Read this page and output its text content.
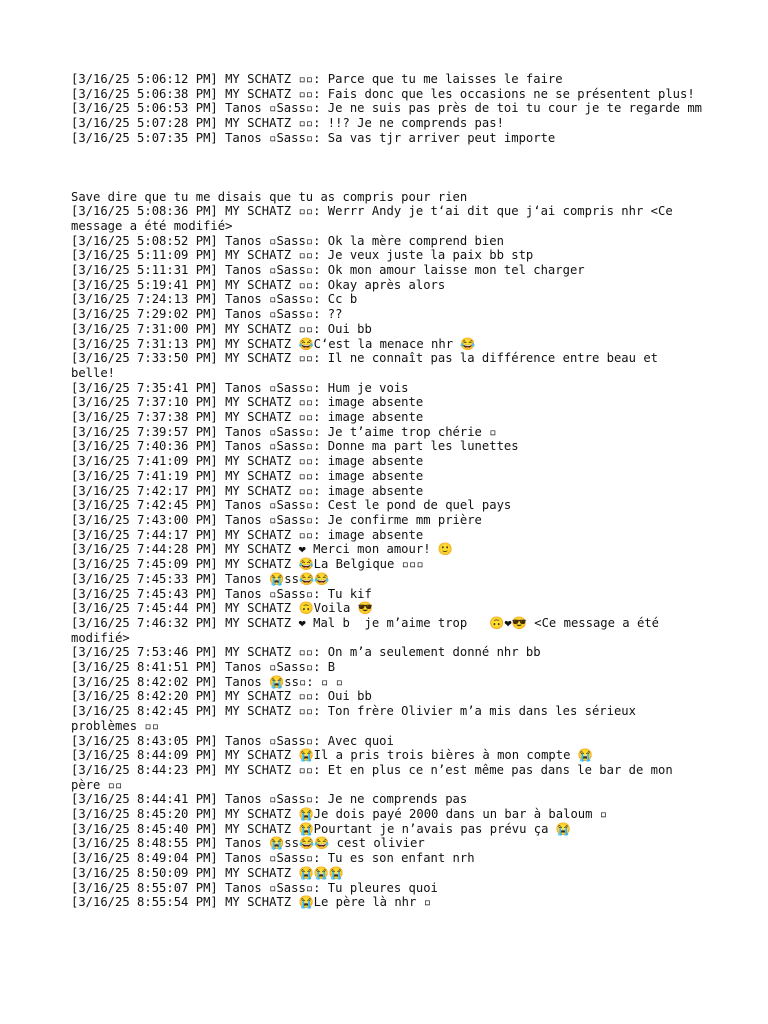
[3/16/25 5:06:12 PM] MY SCHATZ ▫▫: Parce que tu me laisses le faire
[3/16/25 5:06:38 PM] MY SCHATZ ▫▫: Fais donc que les occasions ne se présentent plus!
[3/16/25 5:06:53 PM] Tanos ▫Sass▫: Je ne suis pas près de toi tu cour je te regarde mm
[3/16/25 5:07:28 PM] MY SCHATZ ▫▫: !!? Je ne comprends pas!
[3/16/25 5:07:35 PM] Tanos ▫Sass▫: Sa vas tjr arriver peut importe
Save dire que tu me disais que tu as compris pour rien
[3/16/25 5:08:36 PM] MY SCHATZ ▫▫: Werrr Andy je t‘ai dit que j‘ai compris nhr <Ce message a été modifié>
[3/16/25 5:08:52 PM] Tanos ▫Sass▫: Ok la mère comprend bien
[3/16/25 5:11:09 PM] MY SCHATZ ▫▫: Je veux juste la paix bb stp
[3/16/25 5:11:31 PM] Tanos ▫Sass▫: Ok mon amour laisse mon tel charger
[3/16/25 5:19:41 PM] MY SCHATZ ▫▫: Okay après alors
[3/16/25 7:24:13 PM] Tanos ▫Sass▫: Cc b
[3/16/25 7:29:02 PM] Tanos ▫Sass▫: ??
[3/16/25 7:31:00 PM] MY SCHATZ ▫▫: Oui bb
[3/16/25 7:31:13 PM] MY SCHATZ 😂C‘est la menace nhr 😂
[3/16/25 7:33:50 PM] MY SCHATZ ▫▫: Il ne connaît pas la différence entre beau et belle!
[3/16/25 7:35:41 PM] Tanos ▫Sass▫: Hum je vois
[3/16/25 7:37:10 PM] MY SCHATZ ▫▫: image absente
[3/16/25 7:37:38 PM] MY SCHATZ ▫▫: image absente
[3/16/25 7:39:57 PM] Tanos ▫Sass▫: Je t’aime trop chérie ▫
[3/16/25 7:40:36 PM] Tanos ▫Sass▫: Donne ma part les lunettes
[3/16/25 7:41:09 PM] MY SCHATZ ▫▫: image absente
[3/16/25 7:41:19 PM] MY SCHATZ ▫▫: image absente
[3/16/25 7:42:17 PM] MY SCHATZ ▫▫: image absente
[3/16/25 7:42:45 PM] Tanos ▫Sass▫: Cest le pond de quel pays
[3/16/25 7:43:00 PM] Tanos ▫Sass▫: Je confirme mm prière
[3/16/25 7:44:17 PM] MY SCHATZ ▫▫: image absente
[3/16/25 7:44:28 PM] MY SCHATZ ❤ Merci mon amour! 🙂
[3/16/25 7:45:09 PM] MY SCHATZ 😂La Belgique ▫▫▫
[3/16/25 7:45:33 PM] Tanos 😭ss😂😂
[3/16/25 7:45:43 PM] Tanos ▫Sass▫: Tu kif
[3/16/25 7:45:44 PM] MY SCHATZ 🙃Voila 😎
[3/16/25 7:46:32 PM] MY SCHATZ ❤ Mal b  je m’aime trop   🙃❤😎 <Ce message a été modifié>
[3/16/25 7:53:46 PM] MY SCHATZ ▫▫: On m’a seulement donné nhr bb
[3/16/25 8:41:51 PM] Tanos ▫Sass▫: B
[3/16/25 8:42:02 PM] Tanos 😭ss▫: ▫ ▫
[3/16/25 8:42:20 PM] MY SCHATZ ▫▫: Oui bb
[3/16/25 8:42:45 PM] MY SCHATZ ▫▫: Ton frère Olivier m’a mis dans les sérieux problèmes ▫▫
[3/16/25 8:43:05 PM] Tanos ▫Sass▫: Avec quoi
[3/16/25 8:44:09 PM] MY SCHATZ 😭Il a pris trois bières à mon compte 😭
[3/16/25 8:44:23 PM] MY SCHATZ ▫▫: Et en plus ce n’est même pas dans le bar de mon père ▫▫
[3/16/25 8:44:41 PM] Tanos ▫Sass▫: Je ne comprends pas
[3/16/25 8:45:20 PM] MY SCHATZ 😭Je dois payé 2000 dans un bar à baloum ▫
[3/16/25 8:45:40 PM] MY SCHATZ 😭Pourtant je n’avais pas prévu ça 😭
[3/16/25 8:48:55 PM] Tanos 😭ss😂😂 cest olivier
[3/16/25 8:49:04 PM] Tanos ▫Sass▫: Tu es son enfant nrh
[3/16/25 8:50:09 PM] MY SCHATZ 😭😭😭
[3/16/25 8:55:07 PM] Tanos ▫Sass▫: Tu pleures quoi
[3/16/25 8:55:54 PM] MY SCHATZ 😭Le père là nhr ▫
